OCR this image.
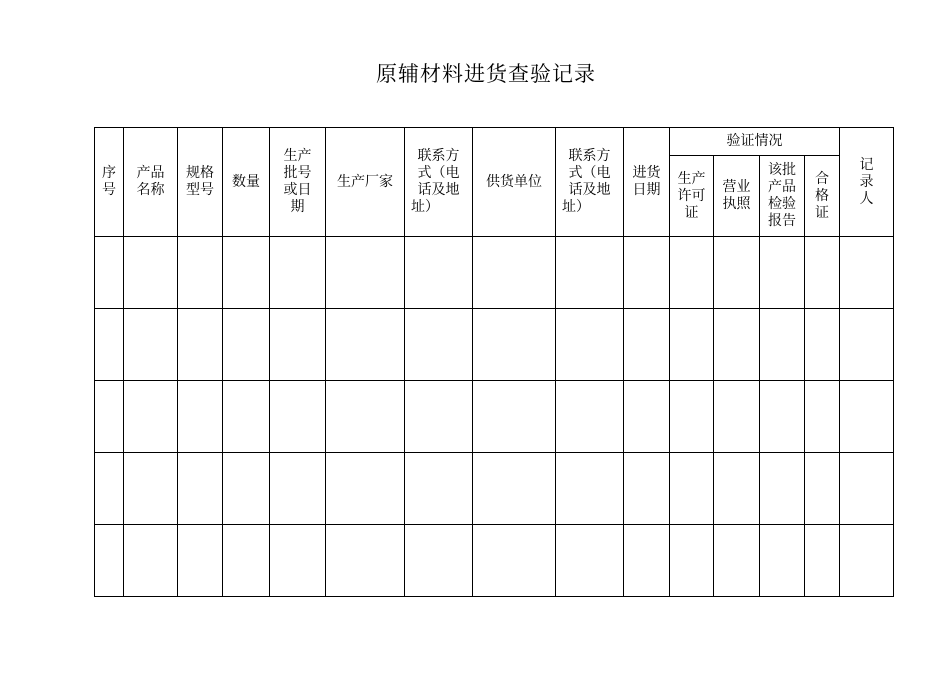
原辅材料进货查验记录
序号	产品名称	规格型号	数量	生产批号或日期	生产厂家	联系方式（电话及地址）	供货单位	联系方式（电话及地址）	进货日期	验证情况				记录人
										生产许可证	营业执照	该批产品检验报告	合格证	
